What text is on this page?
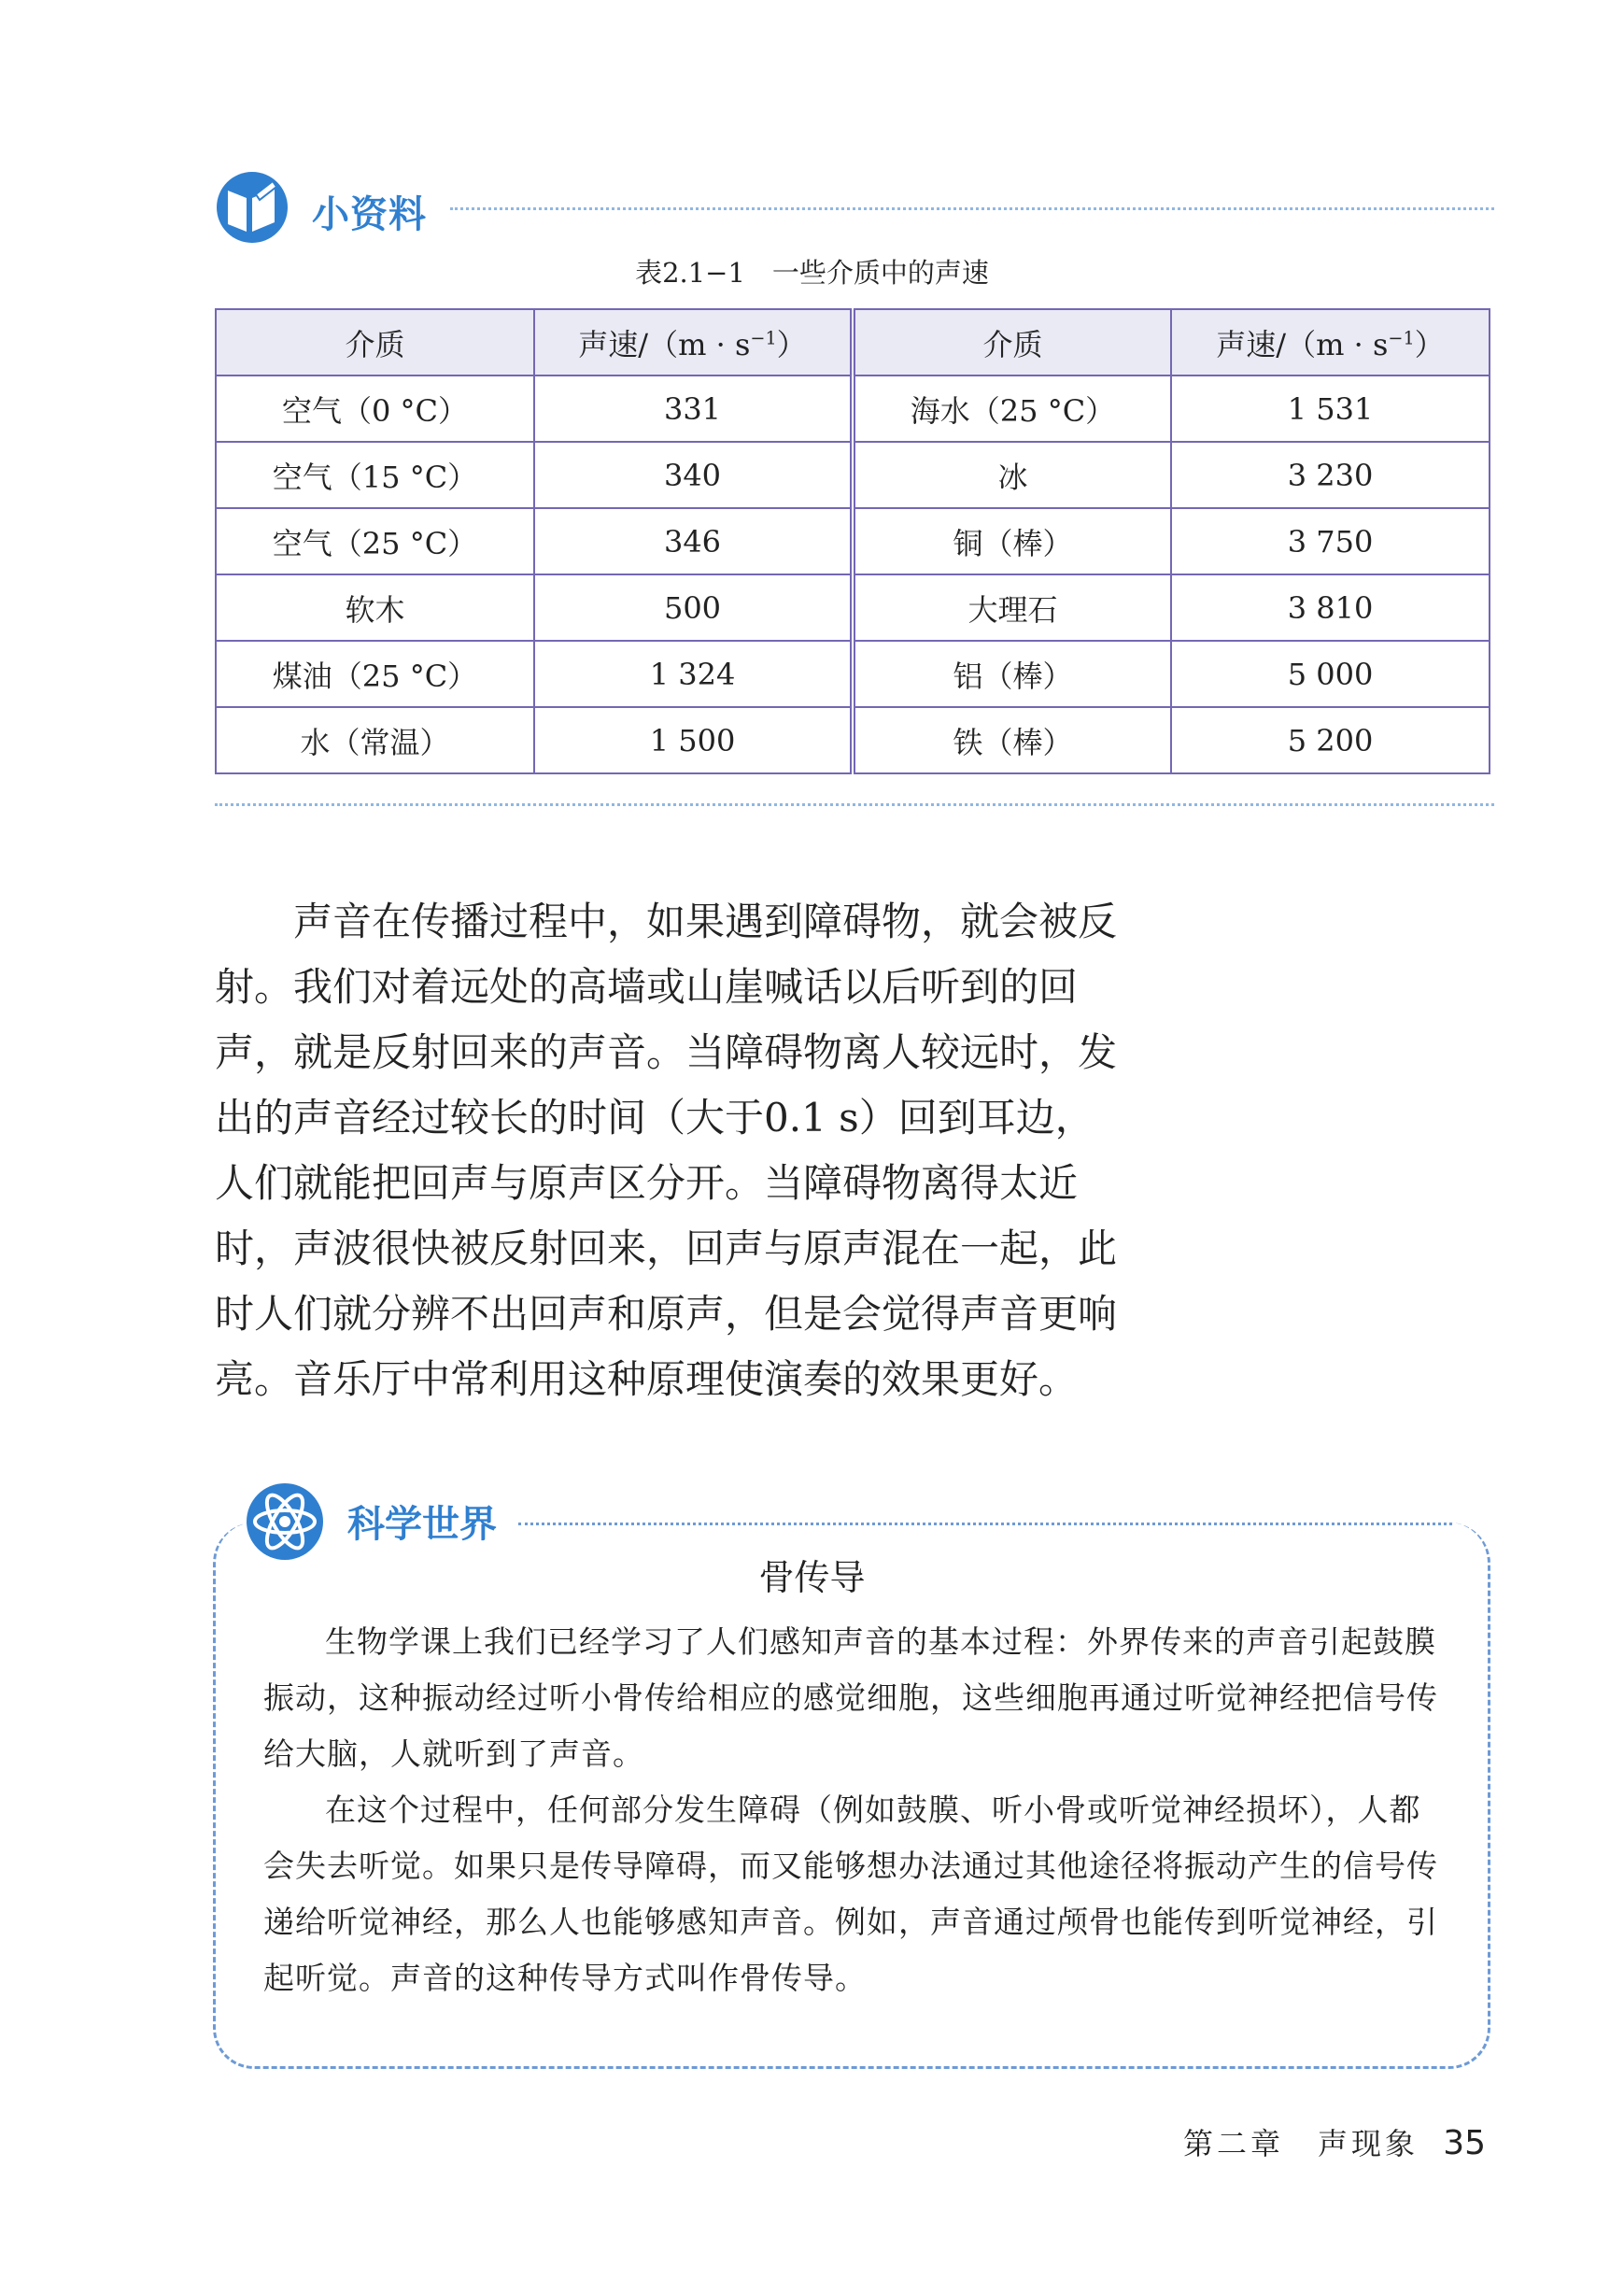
小资料
表2.1−1　一些介质中的声速
介质	声速$/(m \cdot s^{-1})$	介质	声速$/(m \cdot s^{-1})$
空气（0 °C）	331	海水（25 °C）	1 531
空气（15 °C）	340	冰	3 230
空气（25 °C）	346	铜（棒）	3 750
软木	500	大理石	3 810
煤油（25 °C）	1 324	铝（棒）	5 000
水（常温）	1 500	铁（棒）	5 200

声音在传播过程中，如果遇到障碍物，就会被反射。我们对着远处的高墙或山崖喊话以后听到的回声，就是反射回来的声音。当障碍物离人较远时，发出的声音经过较长的时间（大于0.1 s）回到耳边，人们就能把回声与原声区分开。当障碍物离得太近时，声波很快被反射回来，回声与原声混在一起，此时人们就分辨不出回声和原声，但是会觉得声音更响亮。音乐厅中常利用这种原理使演奏的效果更好。

科学世界
骨传导

生物学课上我们已经学习了人们感知声音的基本过程：外界传来的声音引起鼓膜振动，这种振动经过听小骨传给相应的感觉细胞，这些细胞再通过听觉神经把信号传给大脑，人就听到了声音。

在这个过程中，任何部分发生障碍（例如鼓膜、听小骨或听觉神经损坏），人都会失去听觉。如果只是传导障碍，而又能够想办法通过其他途径将振动产生的信号传递给听觉神经，那么人也能够感知声音。例如，声音通过颅骨也能传到听觉神经，引起听觉。声音的这种传导方式叫作骨传导。

第二章　声现象 35
